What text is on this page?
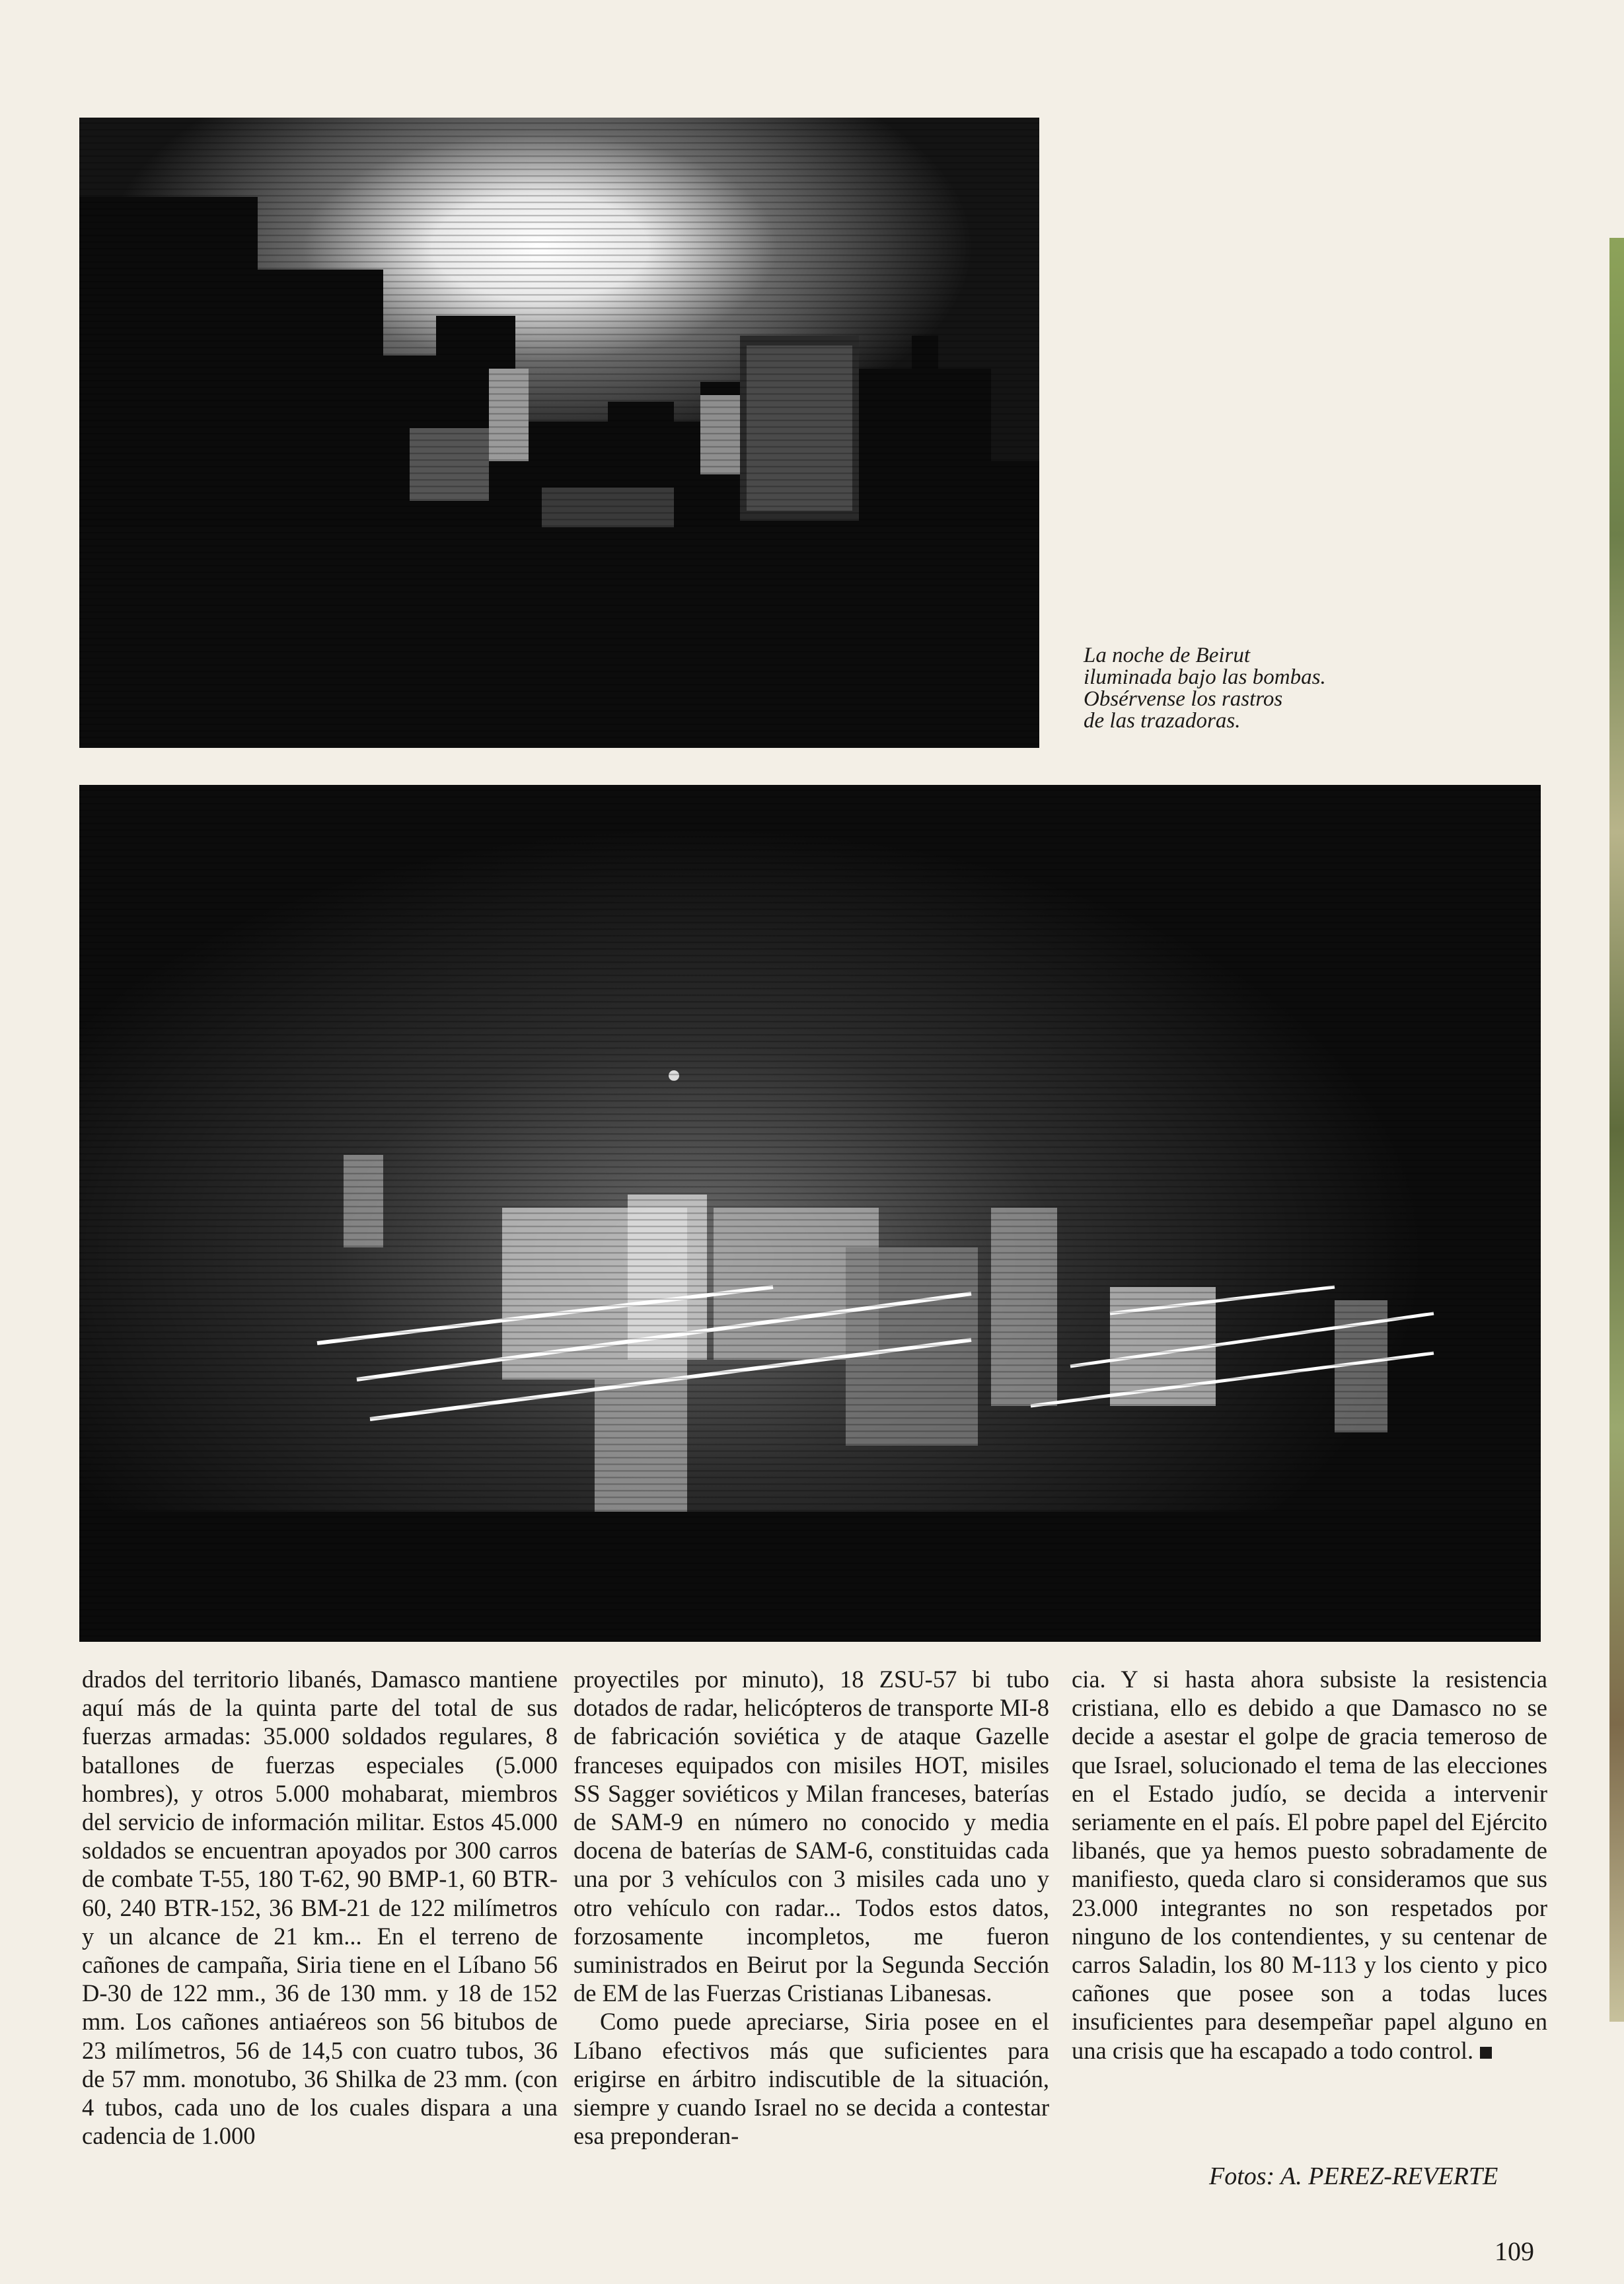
La noche de Beirut
iluminada bajo las bombas.
Obsérvense los rastros
de las trazadoras.

drados del territorio libanés, Damasco mantiene aquí más de la quinta parte del total de sus fuerzas armadas: 35.000 soldados regulares, 8 batallones de fuerzas especiales (5.000 hombres), y otros 5.000 mohabarat, miembros del servicio de información militar. Estos 45.000 soldados se encuentran apoyados por 300 carros de combate T-55, 180 T-62, 90 BMP-1, 60 BTR-60, 240 BTR-152, 36 BM-21 de 122 milímetros y un alcance de 21 km... En el terreno de cañones de campaña, Siria tiene en el Líbano 56 D-30 de 122 mm., 36 de 130 mm. y 18 de 152 mm. Los cañones antiaéreos son 56 bitubos de 23 milímetros, 56 de 14,5 con cuatro tubos, 36 de 57 mm. monotubo, 36 Shilka de 23 mm. (con 4 tubos, cada uno de los cuales dispara a una cadencia de 1.000

proyectiles por minuto), 18 ZSU-57 bi tubo dotados de radar, helicópteros de transporte MI-8 de fabricación soviética y de ataque Gazelle franceses equipados con misiles HOT, misiles SS Sagger soviéticos y Milan franceses, baterías de SAM-9 en número no conocido y media docena de baterías de SAM-6, constituidas cada una por 3 vehículos con 3 misiles cada uno y otro vehículo con radar... Todos estos datos, forzosamente incompletos, me fueron suministrados en Beirut por la Segunda Sección de EM de las Fuerzas Cristianas Libanesas.

Como puede apreciarse, Siria posee en el Líbano efectivos más que suficientes para erigirse en árbitro indiscutible de la situación, siempre y cuando Israel no se decida a contestar esa preponderan-

cia. Y si hasta ahora subsiste la resistencia cristiana, ello es debido a que Damasco no se decide a asestar el golpe de gracia temeroso de que Israel, solucionado el tema de las elecciones en el Estado judío, se decida a intervenir seriamente en el país. El pobre papel del Ejército libanés, que ya hemos puesto sobradamente de manifiesto, queda claro si consideramos que sus 23.000 integrantes no son respetados por ninguno de los contendientes, y su centenar de carros Saladin, los 80 M-113 y los ciento y pico cañones que posee son a todas luces insuficientes para desempeñar papel alguno en una crisis que ha escapado a todo control.

Fotos: A. PEREZ-REVERTE
109
